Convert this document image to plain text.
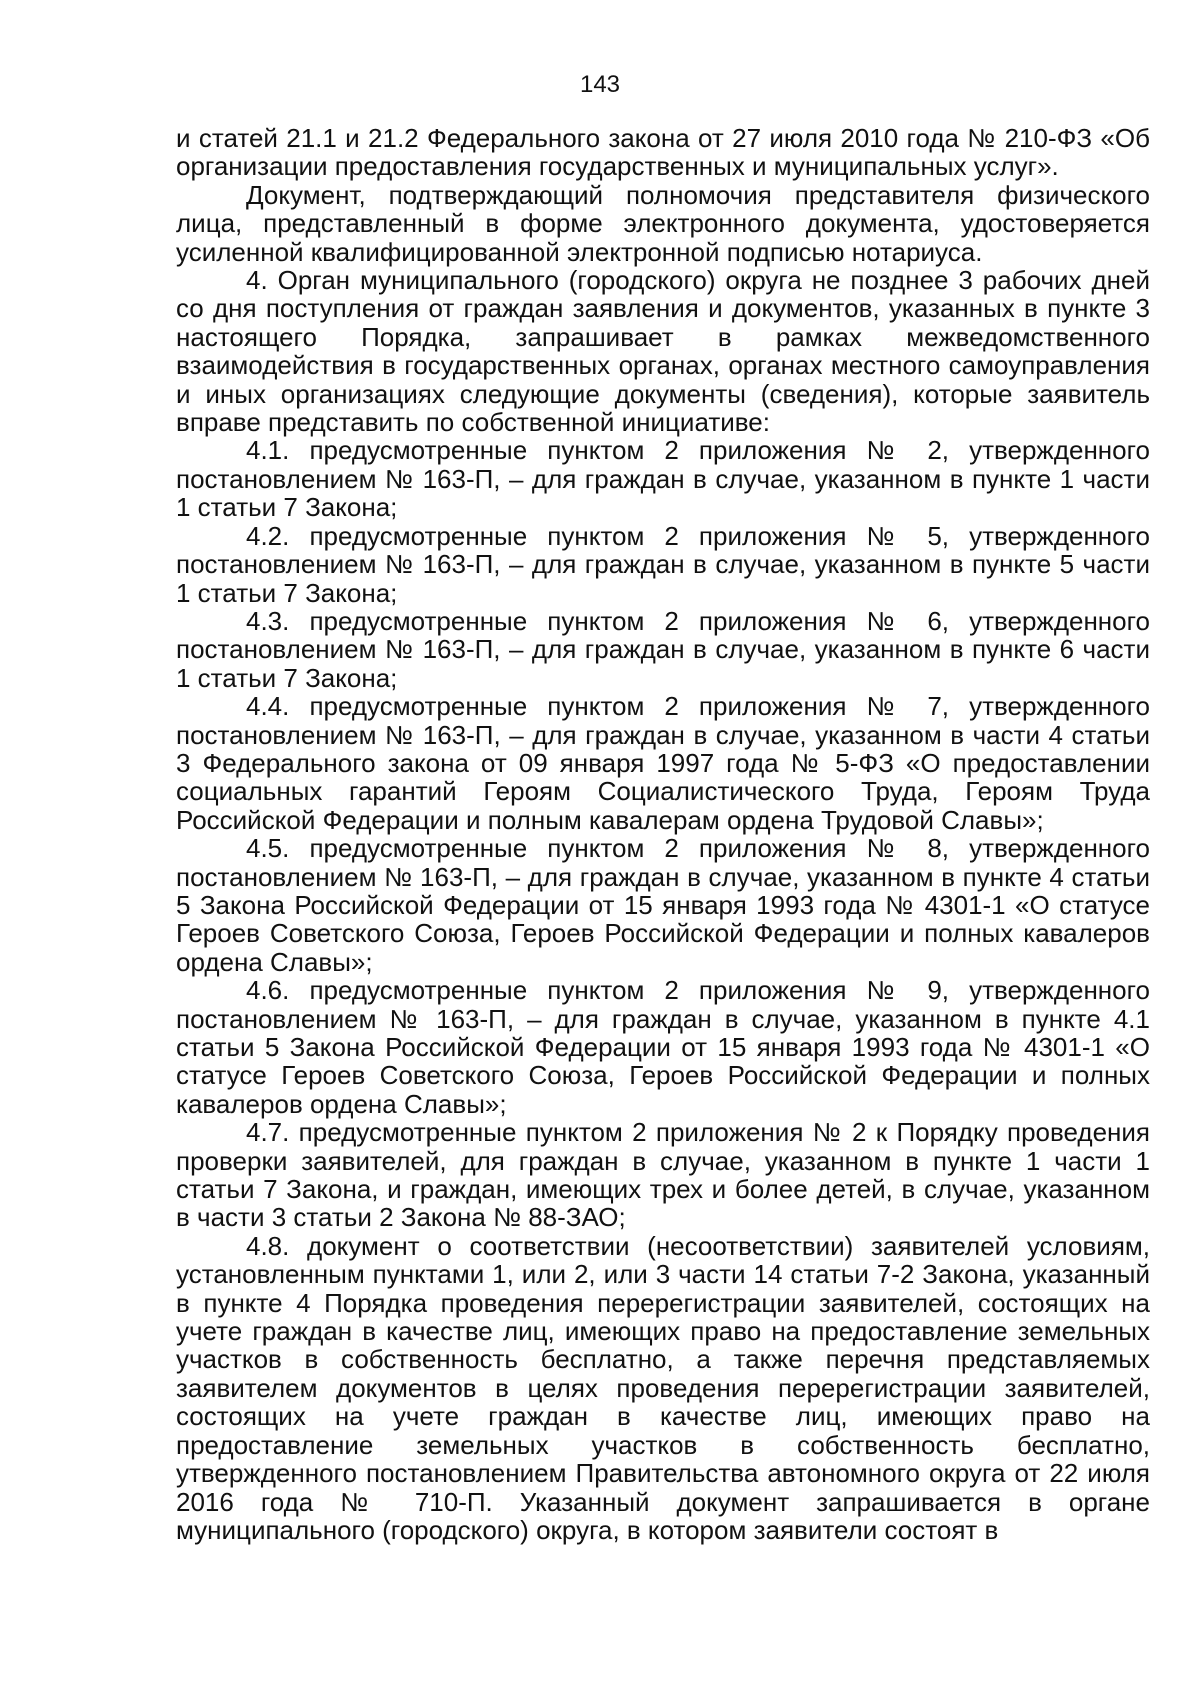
143

и статей 21.1 и 21.2 Федерального закона от 27 июля 2010 года № 210-ФЗ «Об организации предоставления государственных и муниципальных услуг».

Документ, подтверждающий полномочия представителя физического лица, представленный в форме электронного документа, удостоверяется усиленной квалифицированной электронной подписью нотариуса.

4. Орган муниципального (городского) округа не позднее 3 рабочих дней со дня поступления от граждан заявления и документов, указанных в пункте 3 настоящего Порядка, запрашивает в рамках межведомственного взаимодействия в государственных органах, органах местного самоуправления и иных организациях следующие документы (сведения), которые заявитель вправе представить по собственной инициативе:

4.1. предусмотренные пунктом 2 приложения № 2, утвержденного постановлением № 163-П, – для граждан в случае, указанном в пункте 1 части 1 статьи 7 Закона;

4.2. предусмотренные пунктом 2 приложения № 5, утвержденного постановлением № 163-П, – для граждан в случае, указанном в пункте 5 части 1 статьи 7 Закона;

4.3. предусмотренные пунктом 2 приложения № 6, утвержденного постановлением № 163-П, – для граждан в случае, указанном в пункте 6 части 1 статьи 7 Закона;

4.4. предусмотренные пунктом 2 приложения № 7, утвержденного постановлением № 163-П, – для граждан в случае, указанном в части 4 статьи 3 Федерального закона от 09 января 1997 года № 5-ФЗ «О предоставлении социальных гарантий Героям Социалистического Труда, Героям Труда Российской Федерации и полным кавалерам ордена Трудовой Славы»;

4.5. предусмотренные пунктом 2 приложения № 8, утвержденного постановлением № 163-П, – для граждан в случае, указанном в пункте 4 статьи 5 Закона Российской Федерации от 15 января 1993 года № 4301-1 «О статусе Героев Советского Союза, Героев Российской Федерации и полных кавалеров ордена Славы»;

4.6. предусмотренные пунктом 2 приложения № 9, утвержденного постановлением № 163-П, – для граждан в случае, указанном в пункте 4.1 статьи 5 Закона Российской Федерации от 15 января 1993 года № 4301-1 «О статусе Героев Советского Союза, Героев Российской Федерации и полных кавалеров ордена Славы»;

4.7. предусмотренные пунктом 2 приложения № 2 к Порядку проведения проверки заявителей, для граждан в случае, указанном в пункте 1 части 1 статьи 7 Закона, и граждан, имеющих трех и более детей, в случае, указанном в части 3 статьи 2 Закона № 88-ЗАО;

4.8. документ о соответствии (несоответствии) заявителей условиям, установленным пунктами 1, или 2, или 3 части 14 статьи 7-2 Закона, указанный в пункте 4 Порядка проведения перерегистрации заявителей, состоящих на учете граждан в качестве лиц, имеющих право на предоставление земельных участков в собственность бесплатно, а также перечня представляемых заявителем документов в целях проведения перерегистрации заявителей, состоящих на учете граждан в качестве лиц, имеющих право на предоставление земельных участков в собственность бесплатно, утвержденного постановлением Правительства автономного округа от 22 июля 2016 года № 710-П. Указанный документ запрашивается в органе муниципального (городского) округа, в котором заявители состоят в
